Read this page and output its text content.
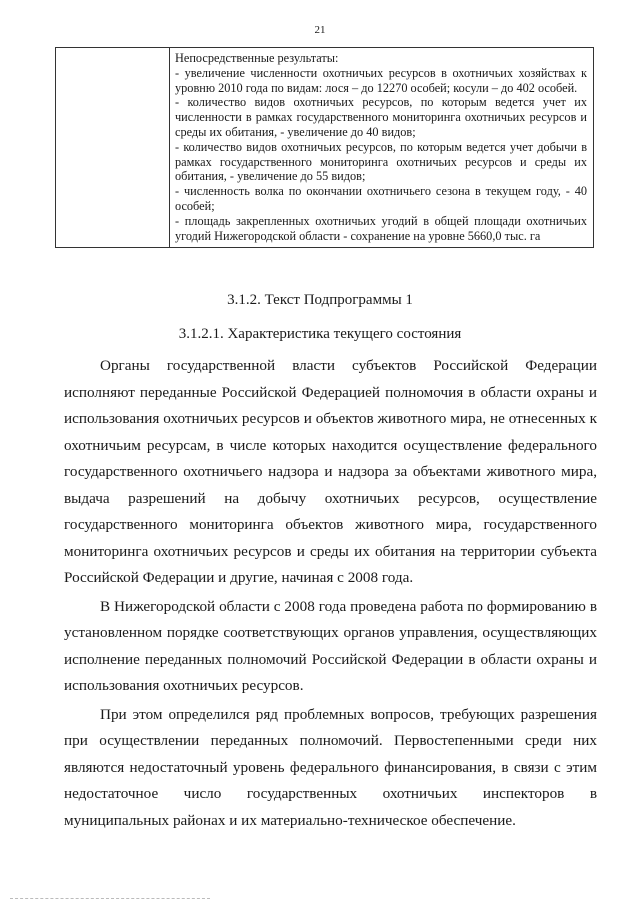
21

Непосредственные результаты:
- увеличение численности охотничьих ресурсов в охотничьих хозяйствах к уровню 2010 года по видам: лося – до 12270 особей; косули – до 402 особей.
- количество видов охотничьих ресурсов, по которым ведется учет их численности в рамках государственного мониторинга охотничьих ресурсов и среды их обитания, - увеличение до 40 видов;
- количество видов охотничьих ресурсов, по которым ведется учет добычи в рамках государственного мониторинга охотничьих ресурсов и среды их обитания, - увеличение до 55 видов;
- численность волка по окончании охотничьего сезона в текущем году, - 40 особей;
- площадь закрепленных охотничьих угодий в общей площади охотничьих угодий Нижегородской области - сохранение на уровне 5660,0 тыс. га
3.1.2. Текст Подпрограммы 1
3.1.2.1. Характеристика текущего состояния

Органы государственной власти субъектов Российской Федерации исполняют переданные Российской Федерацией полномочия в области охраны и использования охотничьих ресурсов и объектов животного мира, не отнесенных к охотничьим ресурсам, в числе которых находится осуществление федерального государственного охотничьего надзора и надзора за объектами животного мира, выдача разрешений на добычу охотничьих ресурсов, осуществление государственного мониторинга объектов животного мира, государственного мониторинга охотничьих ресурсов и среды их обитания на территории субъекта Российской Федерации и другие, начиная с 2008 года.

В Нижегородской области с 2008 года проведена работа по формированию в установленном порядке соответствующих органов управления, осуществляющих исполнение переданных полномочий Российской Федерации в области охраны и использования охотничьих ресурсов.

При этом определился ряд проблемных вопросов, требующих разрешения при осуществлении переданных полномочий. Первостепенными среди них являются недостаточный уровень федерального финансирования, в связи с этим недостаточное число государственных охотничьих инспекторов в муниципальных районах и их материально-техническое обеспечение.
